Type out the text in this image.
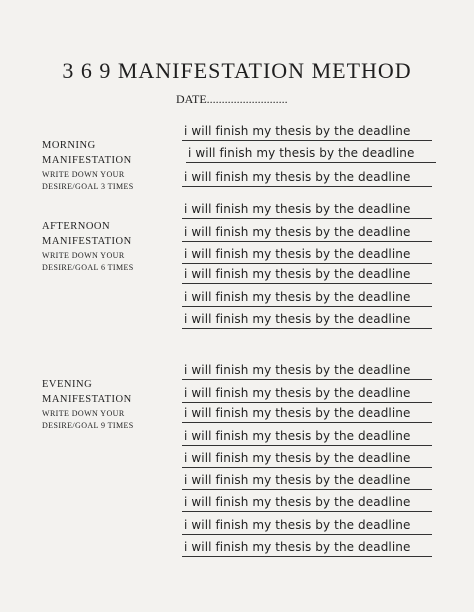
3 6 9 MANIFESTATION METHOD
DATE...........................
MORNING
MANIFESTATION
WRITE DOWN YOUR
DESIRE/GOAL 3 TIMES
i will finish my thesis by the deadline
i will finish my thesis by the deadline
i will finish my thesis by the deadline
AFTERNOON
MANIFESTATION
WRITE DOWN YOUR
DESIRE/GOAL 6 TIMES
i will finish my thesis by the deadline
i will finish my thesis by the deadline
i will finish my thesis by the deadline
i will finish my thesis by the deadline
i will finish my thesis by the deadline
i will finish my thesis by the deadline
EVENING
MANIFESTATION
WRITE DOWN YOUR
DESIRE/GOAL 9 TIMES
i will finish my thesis by the deadline
i will finish my thesis by the deadline
i will finish my thesis by the deadline
i will finish my thesis by the deadline
i will finish my thesis by the deadline
i will finish my thesis by the deadline
i will finish my thesis by the deadline
i will finish my thesis by the deadline
i will finish my thesis by the deadline
